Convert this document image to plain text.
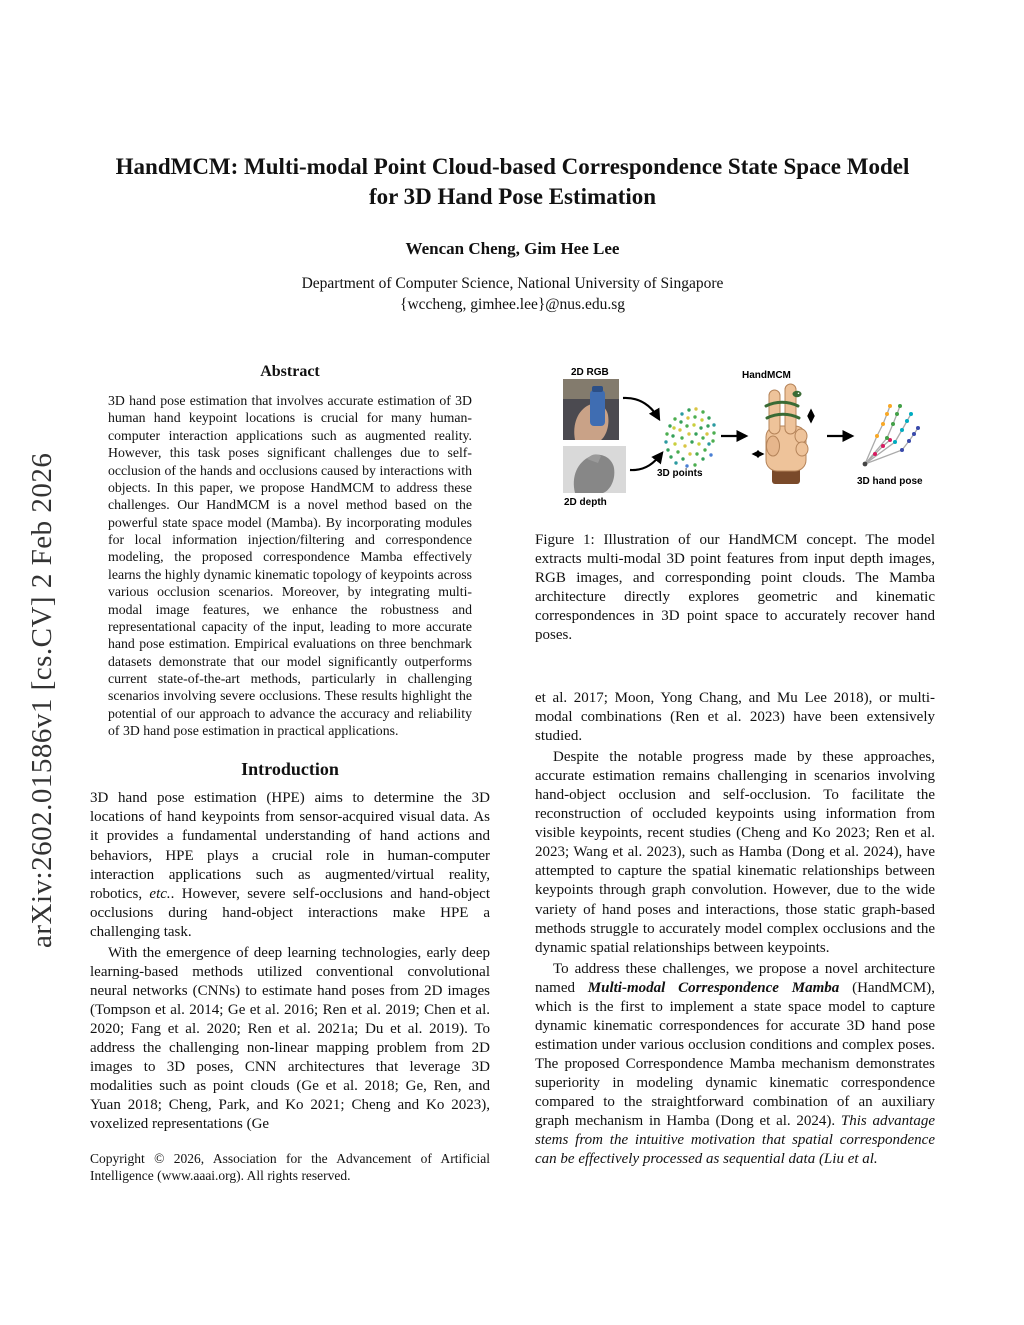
arXiv:2602.01586v1 [cs.CV] 2 Feb 2026
HandMCM: Multi-modal Point Cloud-based Correspondence State Space Model
for 3D Hand Pose Estimation
Wencan Cheng, Gim Hee Lee
Department of Computer Science, National University of Singapore
{wccheng, gimhee.lee}@nus.edu.sg
Abstract
3D hand pose estimation that involves accurate estimation of 3D human hand keypoint locations is crucial for many human-computer interaction applications such as augmented reality. However, this task poses significant challenges due to self-occlusion of the hands and occlusions caused by interactions with objects. In this paper, we propose HandMCM to address these challenges. Our HandMCM is a novel method based on the powerful state space model (Mamba). By incorporating modules for local information injection/filtering and correspondence modeling, the proposed correspondence Mamba effectively learns the highly dynamic kinematic topology of keypoints across various occlusion scenarios. Moreover, by integrating multi-modal image features, we enhance the robustness and representational capacity of the input, leading to more accurate hand pose estimation. Empirical evaluations on three benchmark datasets demonstrate that our model significantly outperforms current state-of-the-art methods, particularly in challenging scenarios involving severe occlusions. These results highlight the potential of our approach to advance the accuracy and reliability of 3D hand pose estimation in practical applications.
Introduction

3D hand pose estimation (HPE) aims to determine the 3D locations of hand keypoints from sensor-acquired visual data. As it provides a fundamental understanding of hand actions and behaviors, HPE plays a crucial role in human-computer interaction applications such as augmented/virtual reality, robotics, etc.. However, severe self-occlusions and hand-object occlusions during hand-object interactions make HPE a challenging task.

With the emergence of deep learning technologies, early deep learning-based methods utilized conventional convolutional neural networks (CNNs) to estimate hand poses from 2D images (Tompson et al. 2014; Ge et al. 2016; Ren et al. 2019; Chen et al. 2020; Fang et al. 2020; Ren et al. 2021a; Du et al. 2019). To address the challenging non-linear mapping problem from 2D images to 3D poses, CNN architectures that leverage 3D modalities such as point clouds (Ge et al. 2018; Ge, Ren, and Yuan 2018; Cheng, Park, and Ko 2021; Cheng and Ko 2023), voxelized representations (Ge

Copyright © 2026, Association for the Advancement of Artificial Intelligence (www.aaai.org). All rights reserved.
2D RGB
2D depth
3D points
HandMCM
3D hand pose
Figure 1: Illustration of our HandMCM concept. The model extracts multi-modal 3D point features from input depth images, RGB images, and corresponding point clouds. The Mamba architecture directly explores geometric and kinematic correspondences in 3D point space to accurately recover hand poses.

et al. 2017; Moon, Yong Chang, and Mu Lee 2018), or multi-modal combinations (Ren et al. 2023) have been extensively studied.

Despite the notable progress made by these approaches, accurate estimation remains challenging in scenarios involving hand-object occlusion and self-occlusion. To facilitate the reconstruction of occluded keypoints using information from visible keypoints, recent studies (Cheng and Ko 2023; Ren et al. 2023; Wang et al. 2023), such as Hamba (Dong et al. 2024), have attempted to capture the spatial kinematic relationships between keypoints through graph convolution. However, due to the wide variety of hand poses and interactions, those static graph-based methods struggle to accurately model complex occlusions and the dynamic spatial relationships between keypoints.

To address these challenges, we propose a novel architecture named Multi-modal Correspondence Mamba (HandMCM), which is the first to implement a state space model to capture dynamic kinematic correspondences for accurate 3D hand pose estimation under various occlusion conditions and complex poses. The proposed Correspondence Mamba mechanism demonstrates superiority in modeling dynamic kinematic correspondence compared to the straightforward combination of an auxiliary graph mechanism in Hamba (Dong et al. 2024). This advantage stems from the intuitive motivation that spatial correspondence can be effectively processed as sequential data (Liu et al.
